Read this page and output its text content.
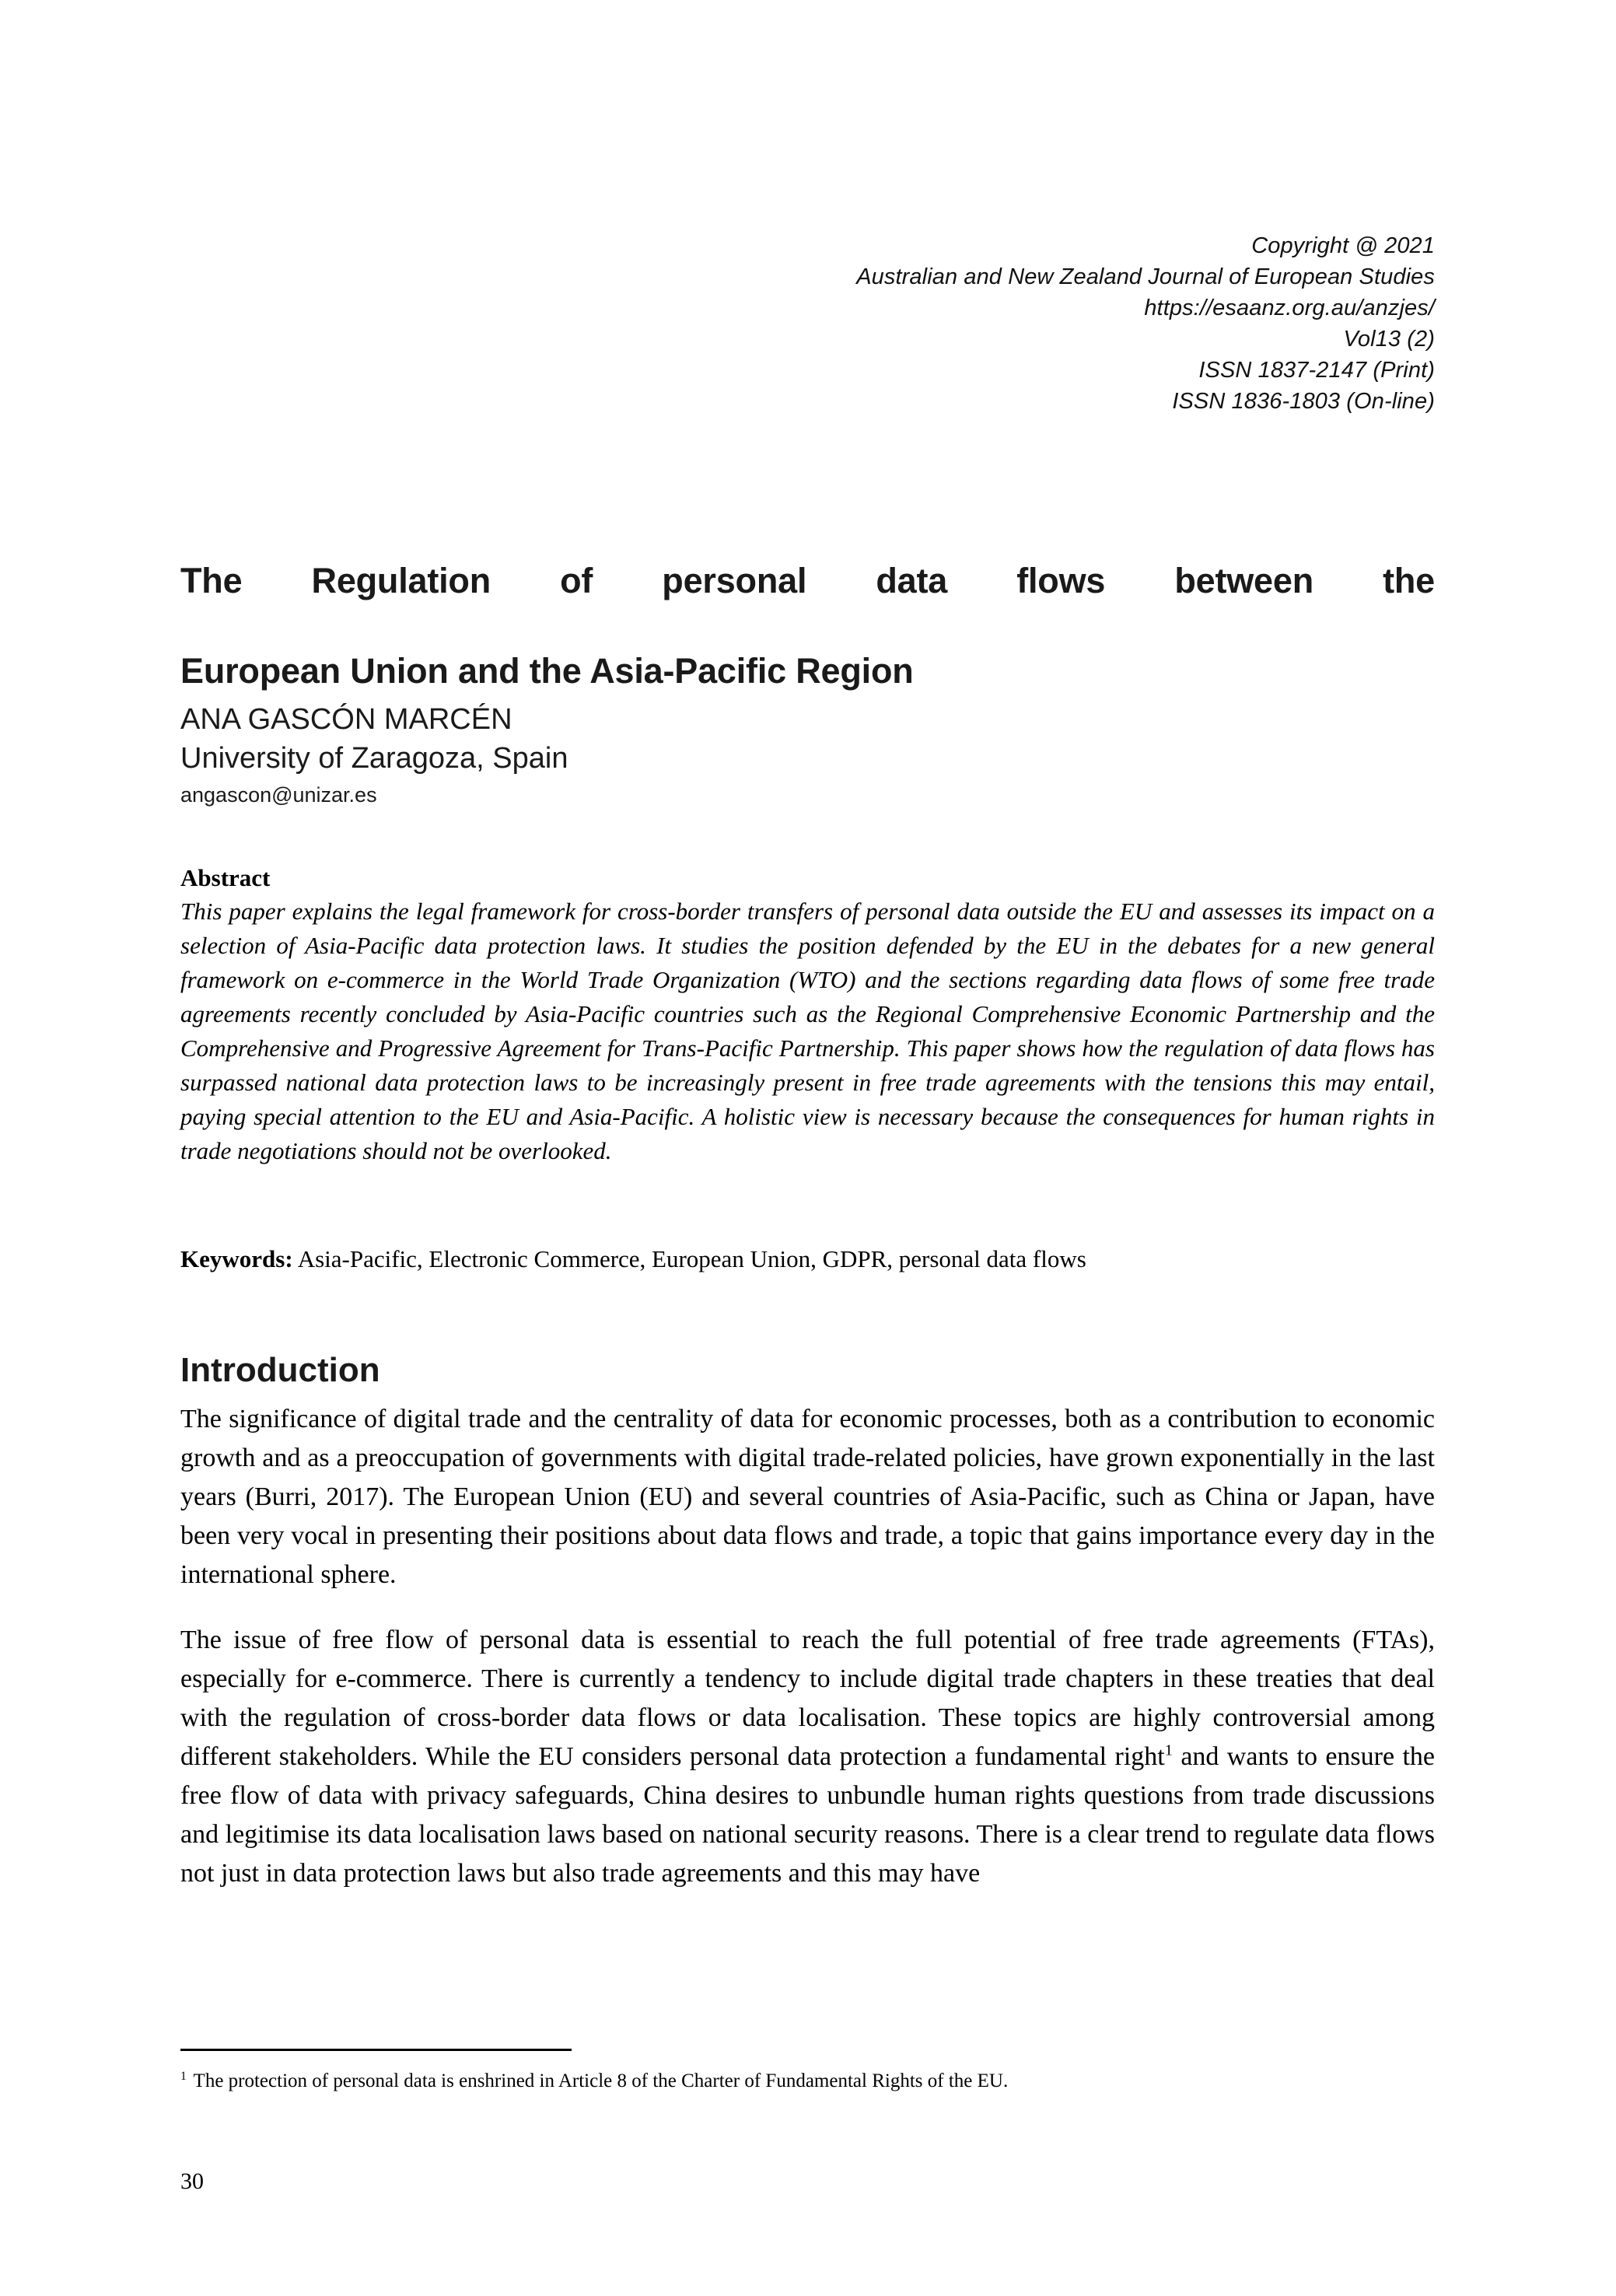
Copyright @ 2021
Australian and New Zealand Journal of European Studies
https://esaanz.org.au/anzjes/
Vol13 (2)
ISSN 1837-2147 (Print)
ISSN 1836-1803 (On-line)
The Regulation of personal data flows between the
European Union and the Asia-Pacific Region
ANA GASCÓN MARCÉN
University of Zaragoza, Spain
angascon@unizar.es
Abstract

This paper explains the legal framework for cross-border transfers of personal data outside the EU and assesses its impact on a selection of Asia-Pacific data protection laws. It studies the position defended by the EU in the debates for a new general framework on e-commerce in the World Trade Organization (WTO) and the sections regarding data flows of some free trade agreements recently concluded by Asia-Pacific countries such as the Regional Comprehensive Economic Partnership and the Comprehensive and Progressive Agreement for Trans-Pacific Partnership. This paper shows how the regulation of data flows has surpassed national data protection laws to be increasingly present in free trade agreements with the tensions this may entail, paying special attention to the EU and Asia-Pacific. A holistic view is necessary because the consequences for human rights in trade negotiations should not be overlooked.

Keywords: Asia-Pacific, Electronic Commerce, European Union, GDPR, personal data flows
Introduction

The significance of digital trade and the centrality of data for economic processes, both as a contribution to economic growth and as a preoccupation of governments with digital trade-related policies, have grown exponentially in the last years (Burri, 2017). The European Union (EU) and several countries of Asia-Pacific, such as China or Japan, have been very vocal in presenting their positions about data flows and trade, a topic that gains importance every day in the international sphere.

The issue of free flow of personal data is essential to reach the full potential of free trade agreements (FTAs), especially for e-commerce. There is currently a tendency to include digital trade chapters in these treaties that deal with the regulation of cross-border data flows or data localisation. These topics are highly controversial among different stakeholders. While the EU considers personal data protection a fundamental right$^1$ and wants to ensure the free flow of data with privacy safeguards, China desires to unbundle human rights questions from trade discussions and legitimise its data localisation laws based on national security reasons. There is a clear trend to regulate data flows not just in data protection laws but also trade agreements and this may have

$^1$ The protection of personal data is enshrined in Article 8 of the Charter of Fundamental Rights of the EU.

30
